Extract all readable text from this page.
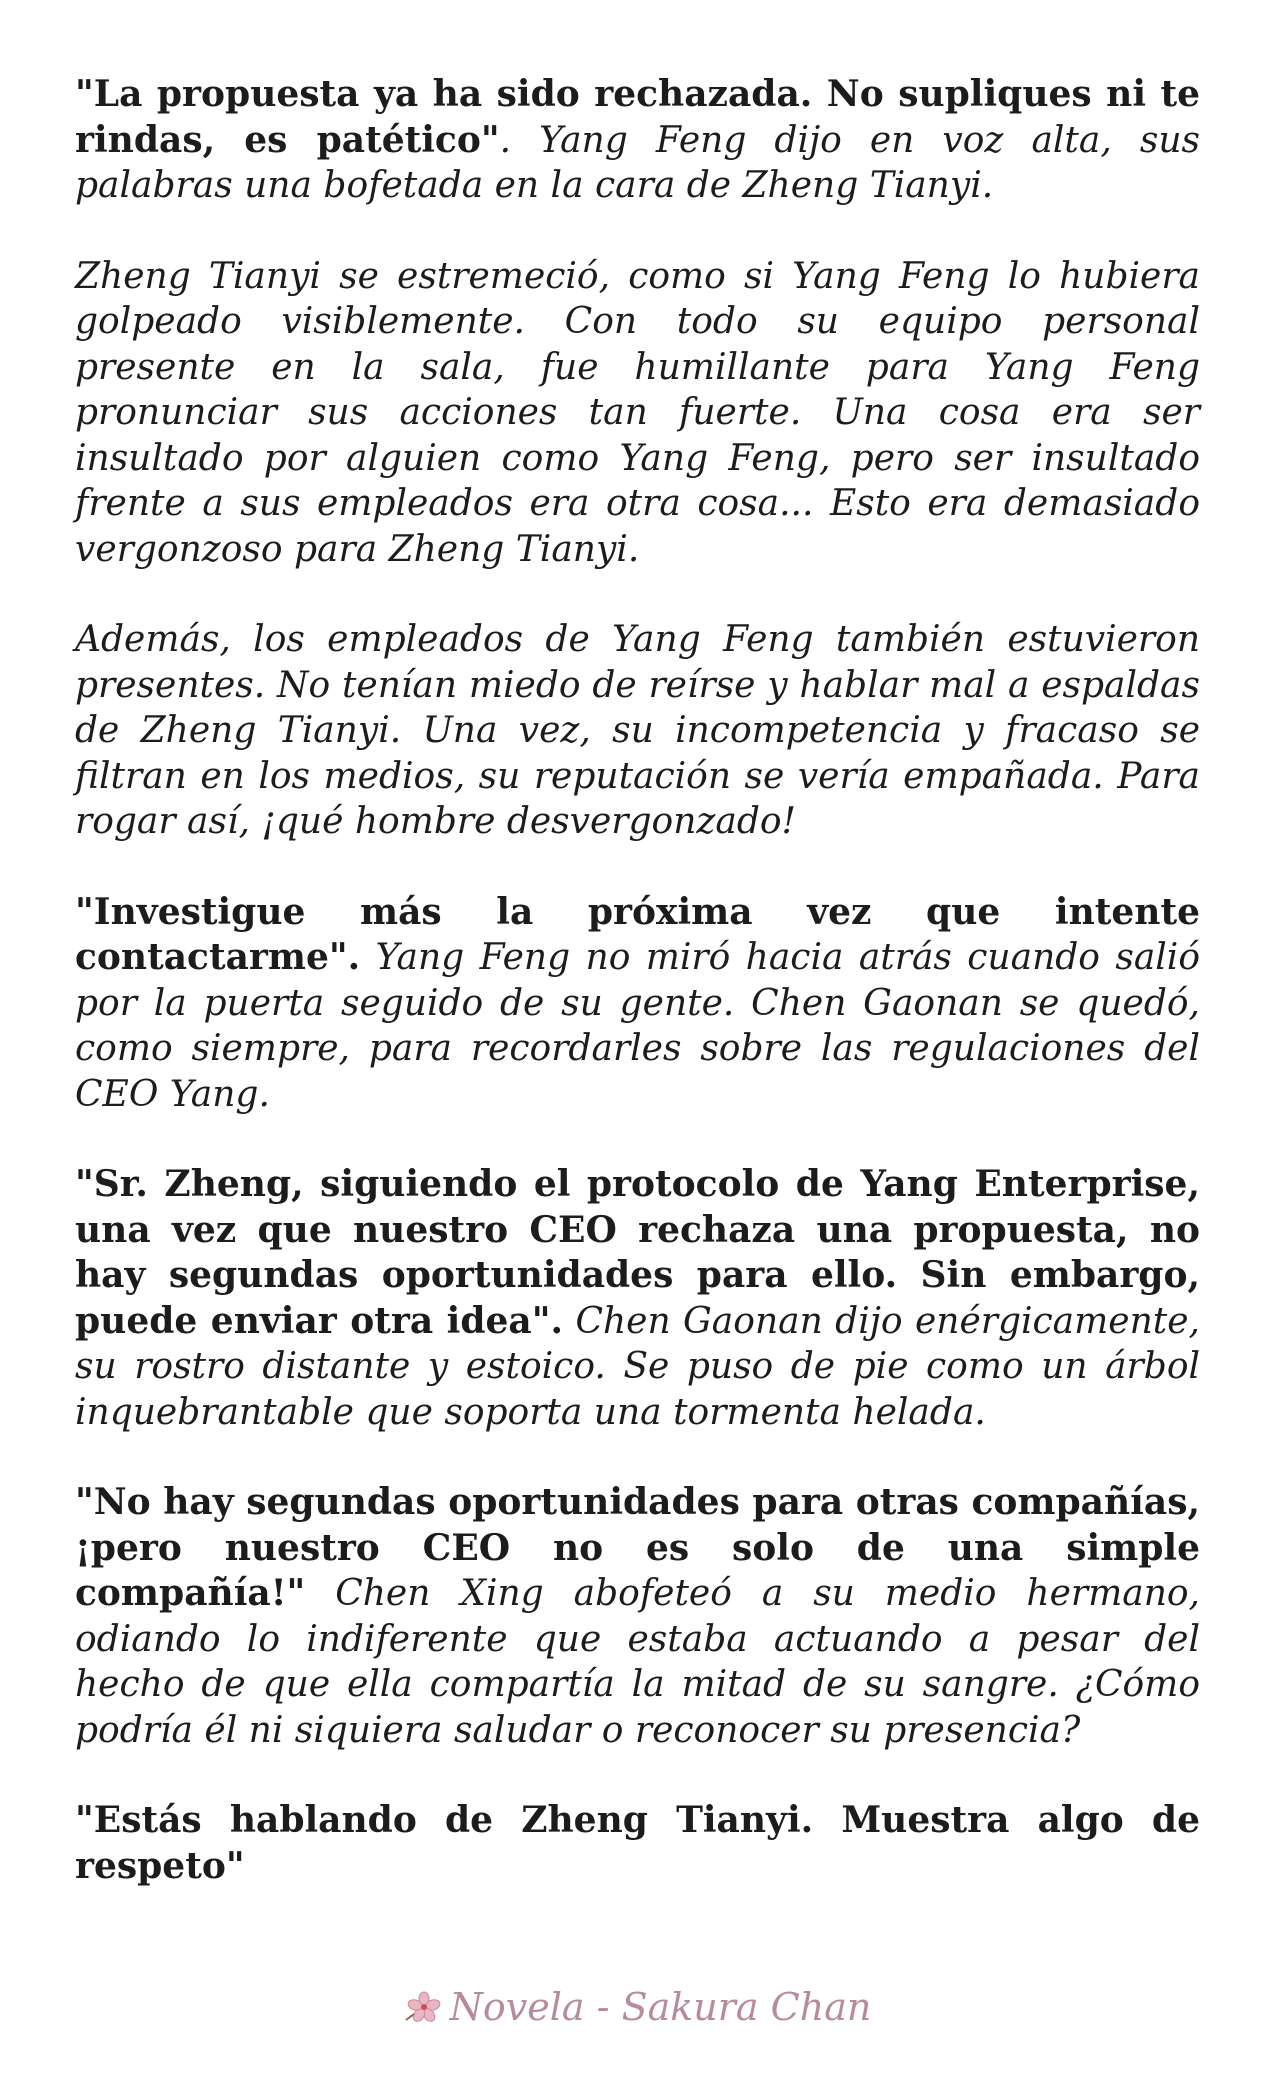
"La propuesta ya ha sido rechazada. No supliques ni te rindas, es patético". Yang Feng dijo en voz alta, sus palabras una bofetada en la cara de Zheng Tianyi.

Zheng Tianyi se estremeció, como si Yang Feng lo hubiera golpeado visiblemente. Con todo su equipo personal presente en la sala, fue humillante para Yang Feng pronunciar sus acciones tan fuerte. Una cosa era ser insultado por alguien como Yang Feng, pero ser insultado frente a sus empleados era otra cosa... Esto era demasiado vergonzoso para Zheng Tianyi.

Además, los empleados de Yang Feng también estuvieron presentes. No tenían miedo de reírse y hablar mal a espaldas de Zheng Tianyi. Una vez, su incompetencia y fracaso se filtran en los medios, su reputación se vería empañada. Para rogar así, ¡qué hombre desvergonzado!

"Investigue más la próxima vez que intente contactarme". Yang Feng no miró hacia atrás cuando salió por la puerta seguido de su gente. Chen Gaonan se quedó, como siempre, para recordarles sobre las regulaciones del CEO Yang.

"Sr. Zheng, siguiendo el protocolo de Yang Enterprise, una vez que nuestro CEO rechaza una propuesta, no hay segundas oportunidades para ello. Sin embargo, puede enviar otra idea". Chen Gaonan dijo enérgicamente, su rostro distante y estoico. Se puso de pie como un árbol inquebrantable que soporta una tormenta helada.

"No hay segundas oportunidades para otras compañías, ¡pero nuestro CEO no es solo de una simple compañía!" Chen Xing abofeteó a su medio hermano, odiando lo indiferente que estaba actuando a pesar del hecho de que ella compartía la mitad de su sangre. ¿Cómo podría él ni siquiera saludar o reconocer su presencia?

"Estás hablando de Zheng Tianyi. Muestra algo de respeto"

Novela - Sakura Chan
